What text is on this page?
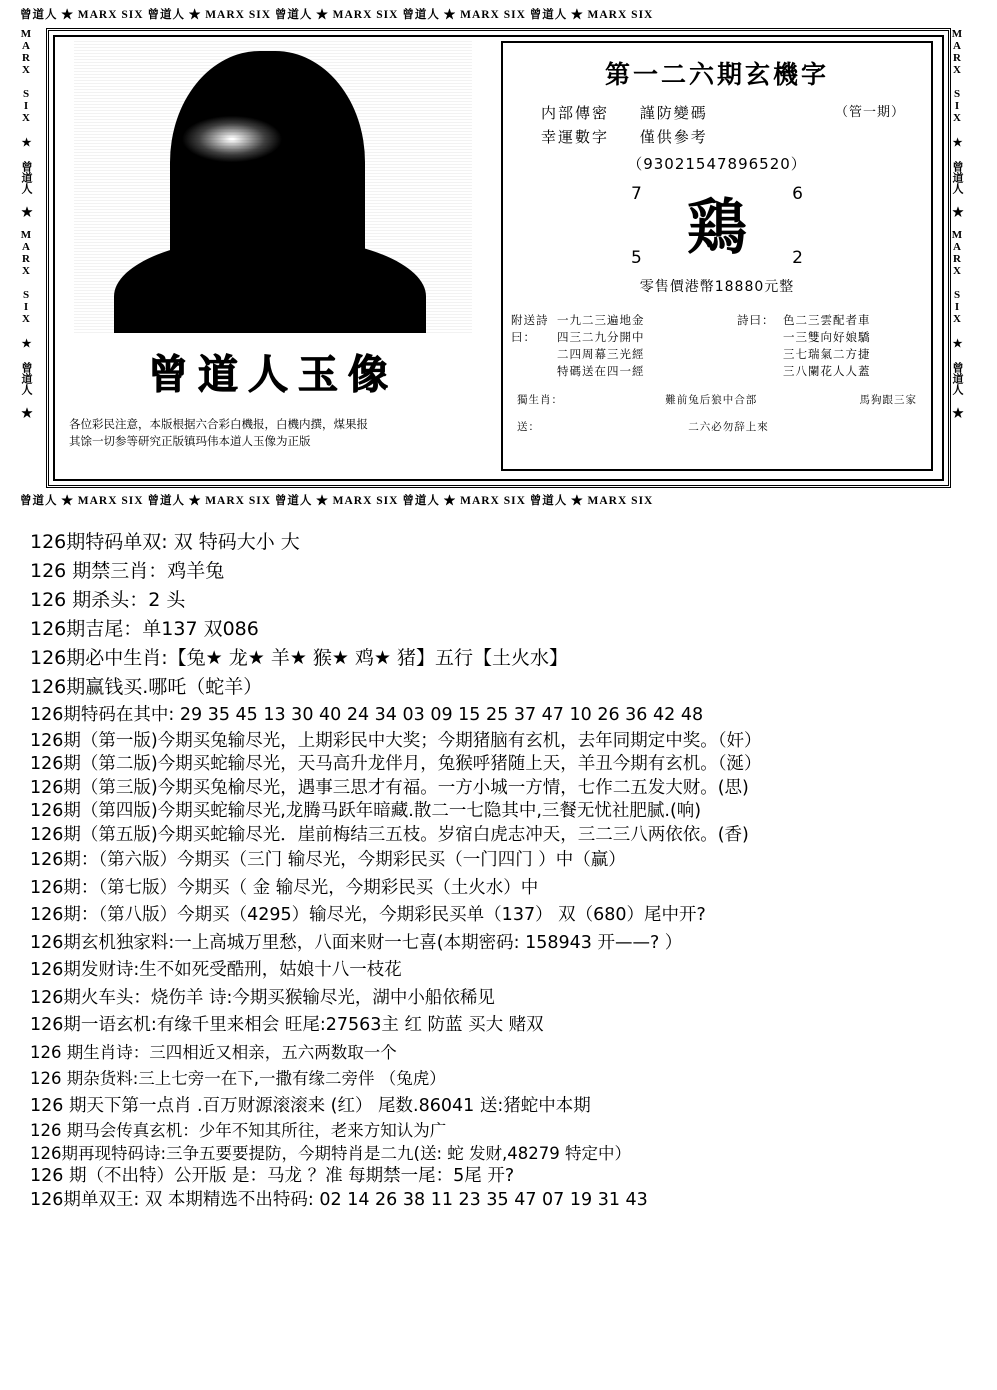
曾道人 ★ MARX SIX 曾道人 ★ MARX SIX 曾道人 ★ MARX SIX 曾道人 ★ MARX SIX 曾道人 ★ MARX SIX
曾道人 ★ MARX SIX 曾道人 ★ MARX SIX 曾道人 ★ MARX SIX 曾道人 ★ MARX SIX 曾道人 ★ MARX SIX
MARX SIX ★ 曾道人 ★ MARX SIX ★ 曾道人 ★	MARX SIX ★ 曾道人 ★ MARX SIX ★ 曾道人 ★
曾道人玉像
各位彩民注意，本版根据六合彩白機报，白機内撰，煤果报
其馀一切参等研究正版镇玛伟本道人玉像为正版
第一二六期玄機字
内部傳密 謹防變碼	（管一期）
幸運數字 僅供參考
（93021547896520）
7	6
鶏
5	2
零售價港幣18880元整
附送詩曰：
一九二三遍地金
四三二九分開中
二四周幕三光經
特碼送在四一經
詩曰： 色二三雲配者車
一三雙向好娘驕
三七瑞氣二方捷
三八闌花人人蓋
獨生肖：	難前兔后狼中合部	馬狗跟三家
送：	二六必勿辞上來
126期特码单双: 双 特码大小 大
126 期禁三肖：鸡羊兔
126 期杀头：2 头
126期吉尾：单137 双086
126期必中生肖:【兔★ 龙★ 羊★ 猴★ 鸡★ 猪】五行【土火水】
126期赢钱买.哪吒（蛇羊）
126期特码在其中: 29 35 45 13 30 40 24 34 03 09 15 25 37 47 10 26 36 42 48
126期（第一版)今期买兔输尽光，上期彩民中大奖；今期猪脑有玄机，去年同期定中奖。（奸）
126期（第二版)今期买蛇输尽光，天马高升龙伴月，兔猴呼猪随上天，羊丑今期有玄机。（涎）
126期（第三版)今期买兔榆尽光，遇事三思才有福。一方小城一方情，七作二五发大财。(思)
126期（第四版)今期买蛇输尽光,龙腾马跃年暗藏.散二一七隐其中,三餐无忧社肥腻.(响)
126期（第五版)今期买蛇输尽光．崖前梅结三五枝。岁宿白虎志冲天，三二三八两依依。(香)
126期：（第六版）今期买（三门 输尽光，今期彩民买（一门四门 ）中（赢）
126期：（第七版）今期买（ 金 输尽光，今期彩民买（土火水）中
126期：（第八版）今期买（4295）输尽光，今期彩民买单（137） 双（680）尾中开?
126期玄机独家料:一上高城万里愁，八面来财一七喜(本期密码: 158943 开——? ）
126期发财诗:生不如死受酷刑，姑娘十八一枝花
126期火车头：烧伤羊 诗:今期买猴输尽光，湖中小船依稀见
126期一语玄机:有缘千里来相会 旺尾:27563主 红 防蓝 买大 赌双
126 期生肖诗：三四相近又相亲，五六两数取一个
126 期杂货料:三上七旁一在下,一撒有缘二旁伴 （兔虎）
126 期天下第一点肖 .百万财源滚滚来 (红） 尾数.86041 送:猪蛇中本期
126 期马会传真玄机：少年不知其所往，老来方知认为广
126期再现特码诗:三争五要要提防，今期特肖是二九(送: 蛇 发财,48279 特定中）
126 期（不出特）公开版 是：马龙 ？准 每期禁一尾：5尾 开?
126期单双王: 双 本期精选不出特码: 02 14 26 38 11 23 35 47 07 19 31 43
